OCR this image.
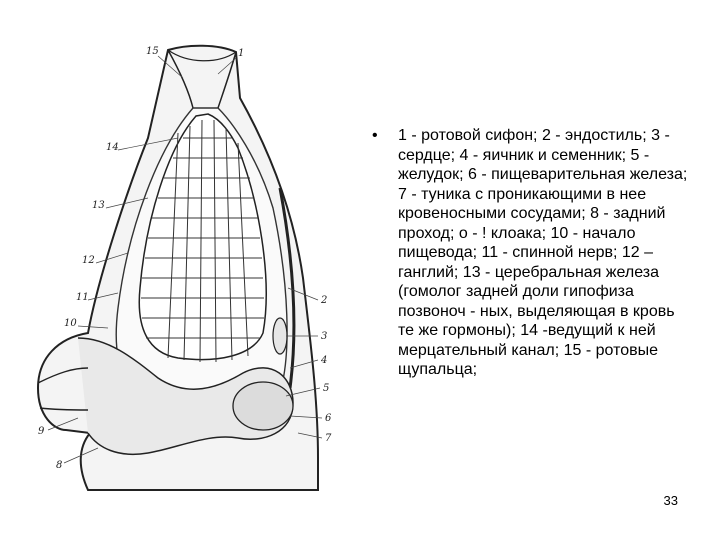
15	1
14
13
12
11
10
9
8
2
3
4
5
6
7
• 1 - ротовой сифон; 2 - эндостиль; 3 - сердце; 4 - яичник и семенник; 5 - желудок; 6 - пищеварительная железа; 7 - туника с проникающими в нее кровеносными сосудами; 8 - задний проход; о - ! клоака; 10 - начало пищевода; 11 - спинной нерв; 12 – ганглий; 13 - церебральная железа (гомолог задней доли гипофиза позвоноч - ных, выделяющая в кровь те же гормоны); 14 -ведущий к ней мерцательный канал; 15 - ротовые щупальца;
33
